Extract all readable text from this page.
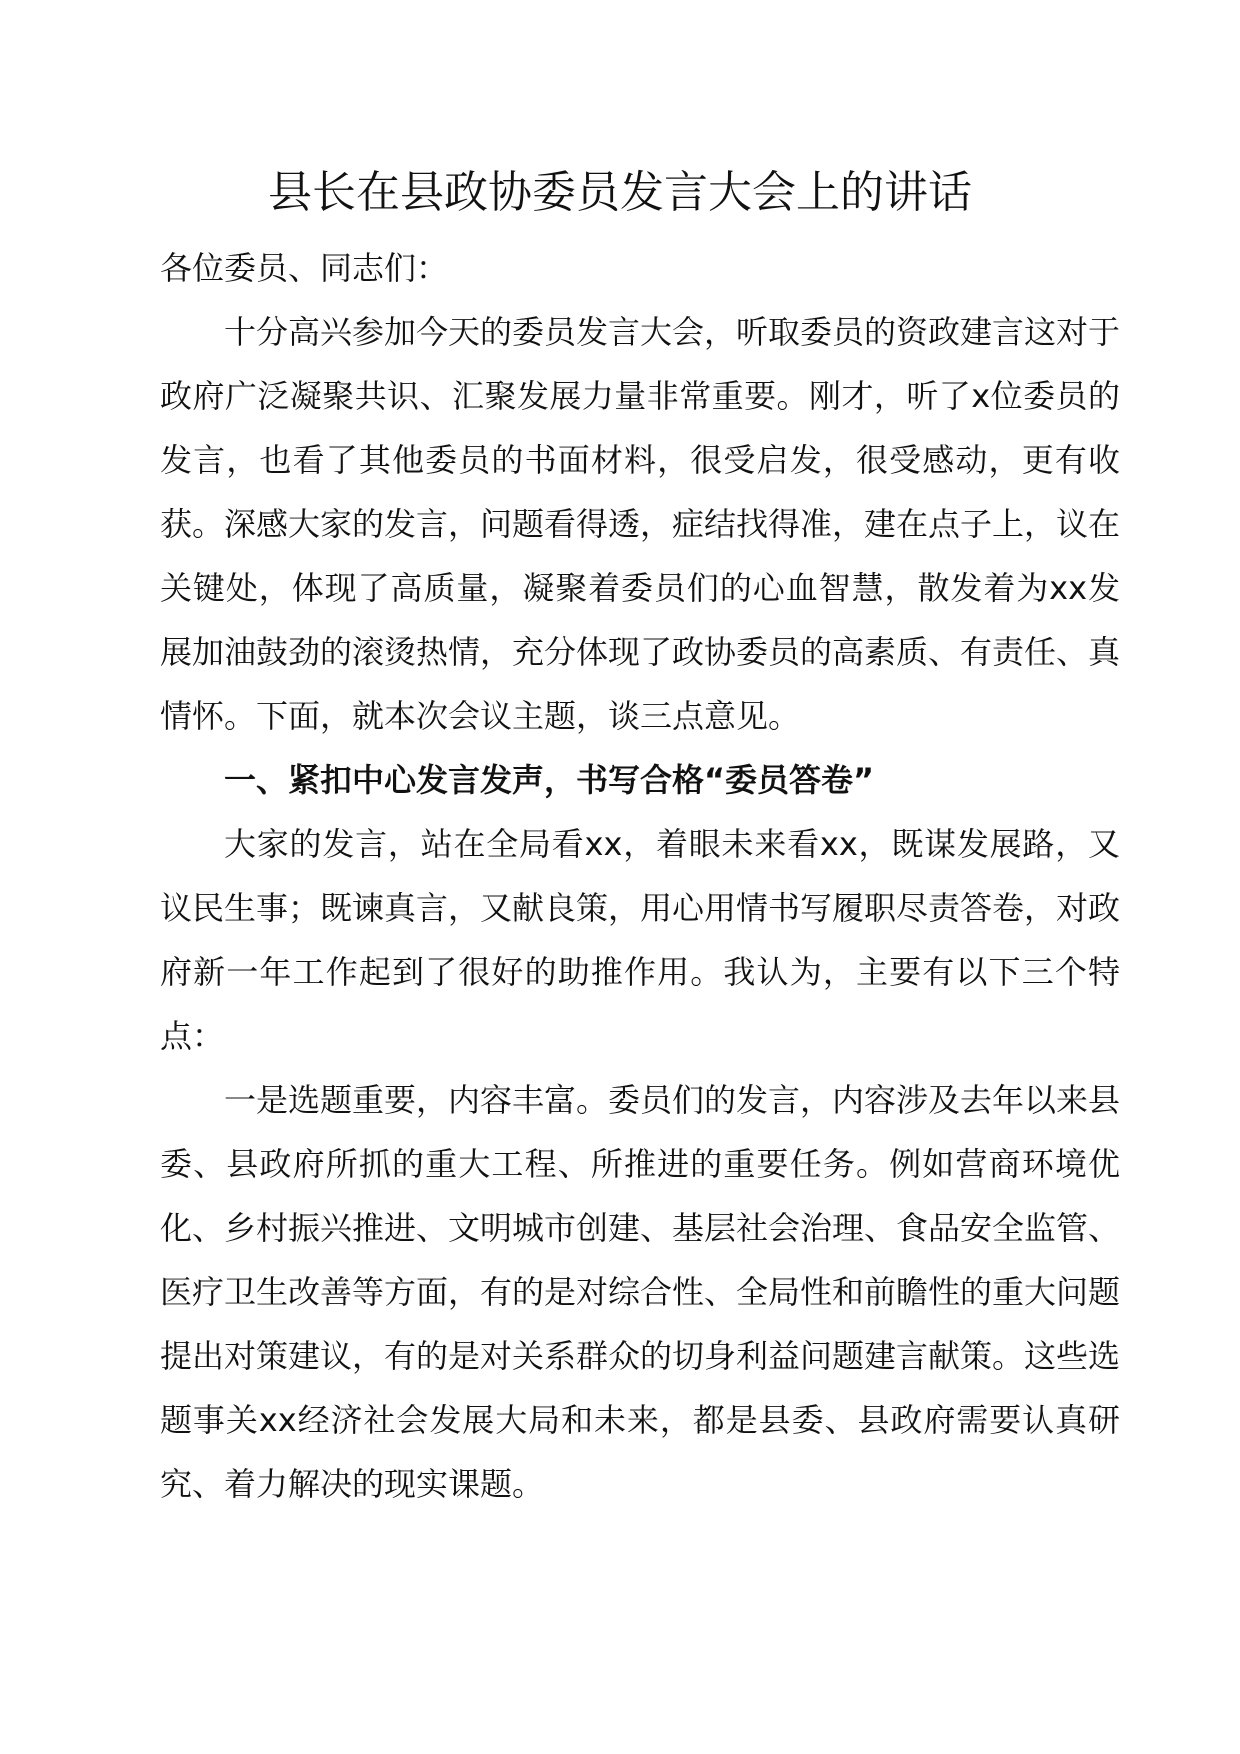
县长在县政协委员发言大会上的讲话

各位委员、同志们：

十分高兴参加今天的委员发言大会，听取委员的资政建言这对于政府广泛凝聚共识、汇聚发展力量非常重要。刚才，听了x位委员的发言，也看了其他委员的书面材料，很受启发，很受感动，更有收获。深感大家的发言，问题看得透，症结找得准，建在点子上，议在关键处，体现了高质量，凝聚着委员们的心血智慧，散发着为xx发展加油鼓劲的滚烫热情，充分体现了政协委员的高素质、有责任、真情怀。下面，就本次会议主题，谈三点意见。

一、紧扣中心发言发声，书写合格“委员答卷”

大家的发言，站在全局看xx，着眼未来看xx，既谋发展路，又议民生事；既谏真言，又献良策，用心用情书写履职尽责答卷，对政府新一年工作起到了很好的助推作用。我认为，主要有以下三个特点：

一是选题重要，内容丰富。委员们的发言，内容涉及去年以来县委、县政府所抓的重大工程、所推进的重要任务。例如营商环境优化、乡村振兴推进、文明城市创建、基层社会治理、食品安全监管、医疗卫生改善等方面，有的是对综合性、全局性和前瞻性的重大问题提出对策建议，有的是对关系群众的切身利益问题建言献策。这些选题事关xx经济社会发展大局和未来，都是县委、县政府需要认真研究、着力解决的现实课题。
